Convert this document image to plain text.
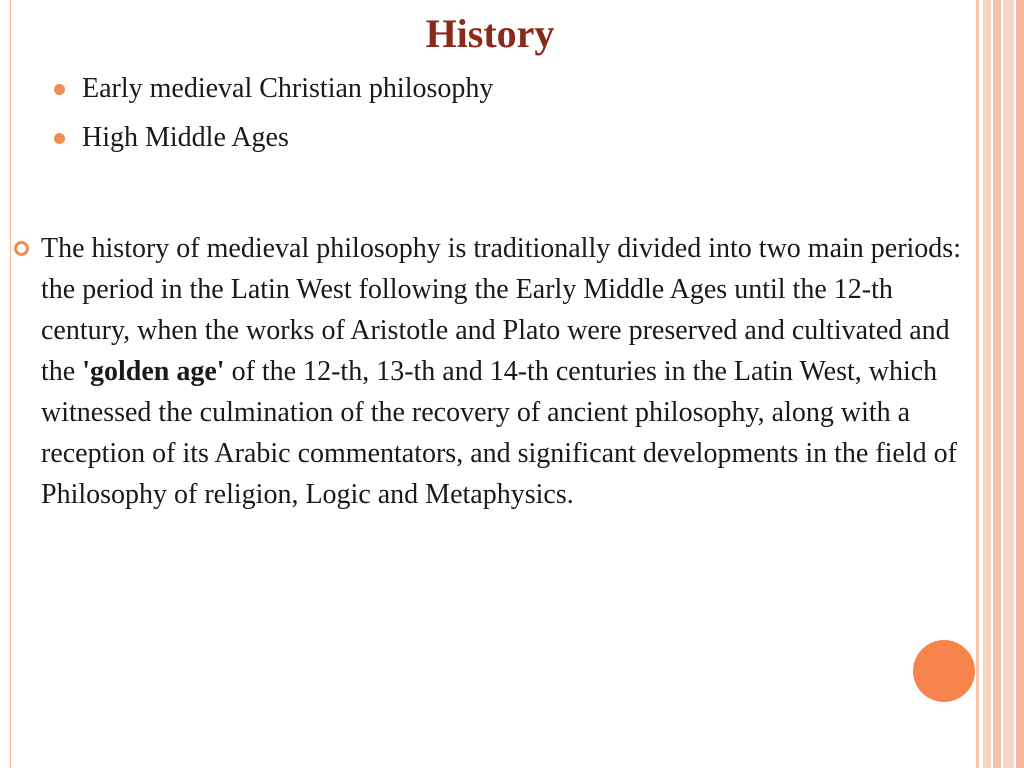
History
Early medieval Christian philosophy
High Middle Ages
The history of medieval philosophy is traditionally divided into two main periods: the period in the Latin West following the Early Middle Ages until the 12-th century, when the works of Aristotle and Plato were preserved and cultivated and the 'golden age' of the 12-th, 13-th and 14-th centuries in the Latin West, which witnessed the culmination of the recovery of ancient philosophy, along with a reception of its Arabic commentators, and significant developments in the field of Philosophy of religion, Logic and Metaphysics.
